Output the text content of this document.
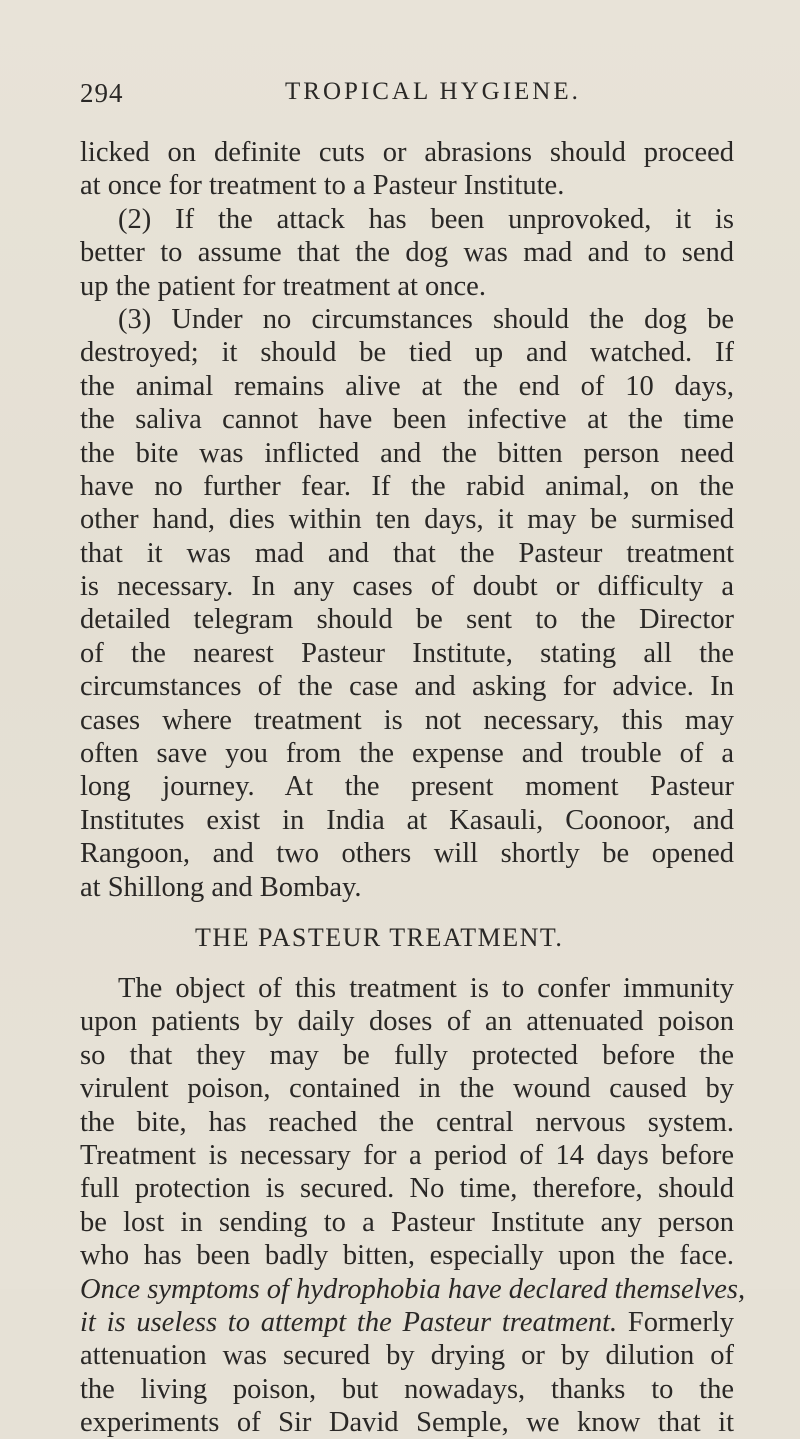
294	TROPICAL HYGIENE.
licked on definite cuts or abrasions should proceed
at once for treatment to a Pasteur Institute.
(2) If the attack has been unprovoked, it is
better to assume that the dog was mad and to send
up the patient for treatment at once.
(3) Under no circumstances should the dog be
destroyed; it should be tied up and watched. If
the animal remains alive at the end of 10 days,
the saliva cannot have been infective at the time
the bite was inflicted and the bitten person need
have no further fear. If the rabid animal, on the
other hand, dies within ten days, it may be surmised
that it was mad and that the Pasteur treatment
is necessary. In any cases of doubt or difficulty a
detailed telegram should be sent to the Director
of the nearest Pasteur Institute, stating all the
circumstances of the case and asking for advice. In
cases where treatment is not necessary, this may
often save you from the expense and trouble of a
long journey. At the present moment Pasteur
Institutes exist in India at Kasauli, Coonoor, and
Rangoon, and two others will shortly be opened
at Shillong and Bombay.
THE PASTEUR TREATMENT.
The object of this treatment is to confer immunity
upon patients by daily doses of an attenuated poison
so that they may be fully protected before the
virulent poison, contained in the wound caused by
the bite, has reached the central nervous system.
Treatment is necessary for a period of 14 days before
full protection is secured. No time, therefore, should
be lost in sending to a Pasteur Institute any person
who has been badly bitten, especially upon the face.
Once symptoms of hydrophobia have declared themselves,
it is useless to attempt the Pasteur treatment. Formerly
attenuation was secured by drying or by dilution of
the living poison, but nowadays, thanks to the
experiments of Sir David Semple, we know that it
